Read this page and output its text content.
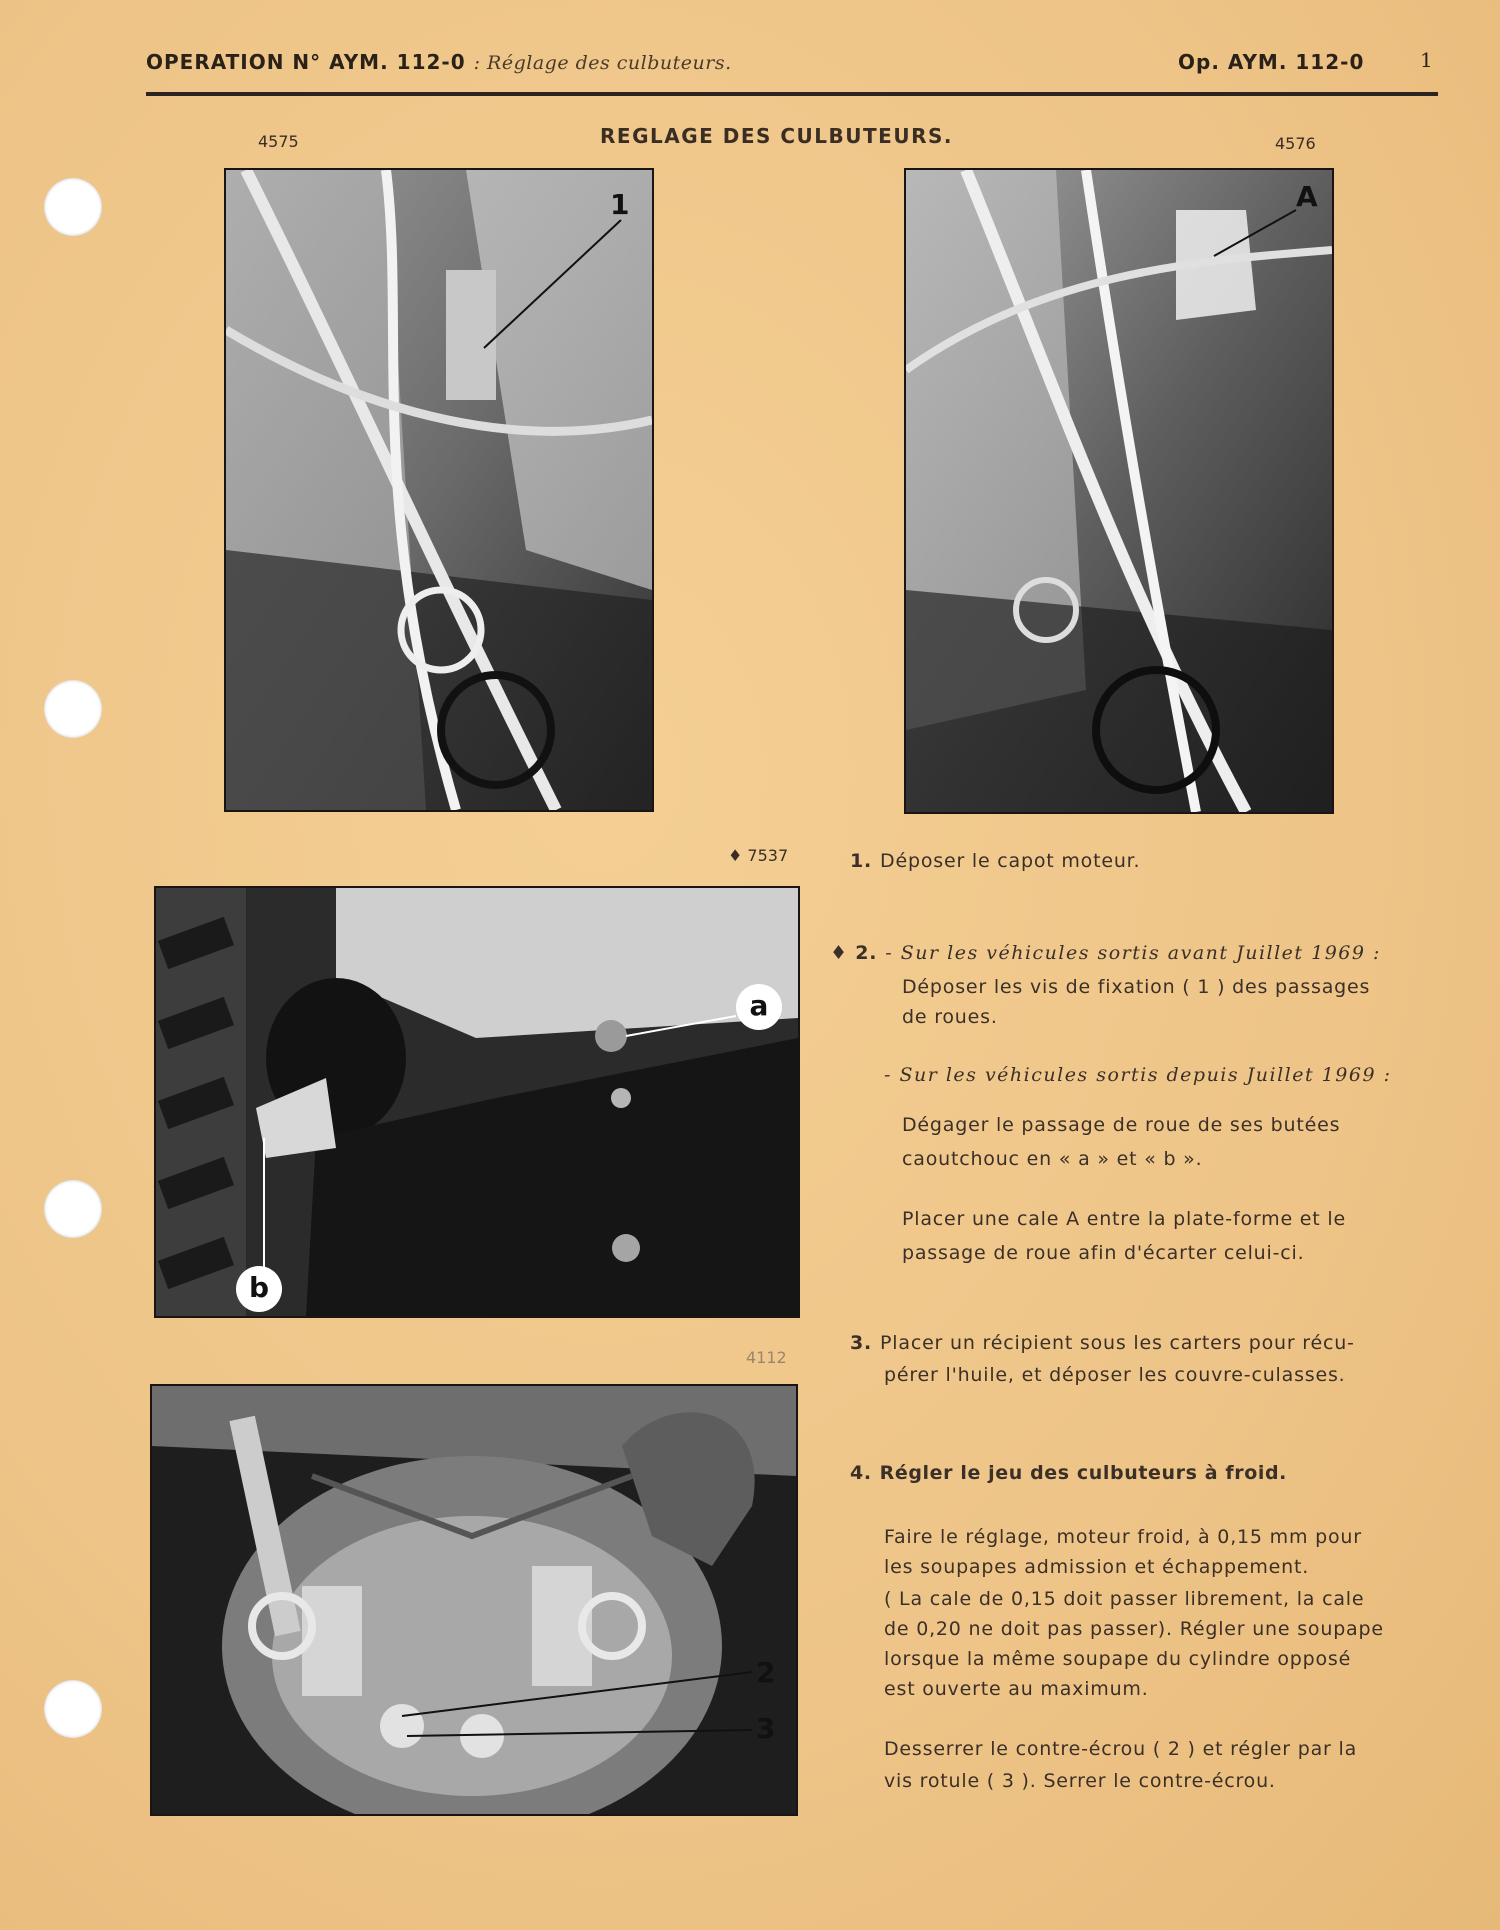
OPERATION N° AYM. 112-0 : Réglage des culbuteurs.	Op. AYM. 112-0	1
REGLAGE DES CULBUTEURS.
4575	4576
♦ 7537
4112
1	A
a
b
2
3
1. Déposer le capot moteur.
♦ 2. - Sur les véhicules sortis avant Juillet 1969 :
Déposer les vis de fixation ( 1 ) des passages
de roues.
- Sur les véhicules sortis depuis Juillet 1969 :
Dégager le passage de roue de ses butées
caoutchouc en « a » et « b ».
Placer une cale A entre la plate-forme et le
passage de roue afin d'écarter celui-ci.
3. Placer un récipient sous les carters pour récu-
pérer l'huile, et déposer les couvre-culasses.
4. Régler le jeu des culbuteurs à froid.
Faire le réglage, moteur froid, à 0,15 mm pour
les soupapes admission et échappement.
( La cale de 0,15 doit passer librement, la cale
de 0,20 ne doit pas passer). Régler une soupape
lorsque la même soupape du cylindre opposé
est ouverte au maximum.
Desserrer le contre-écrou ( 2 ) et régler par la
vis rotule ( 3 ). Serrer le contre-écrou.
